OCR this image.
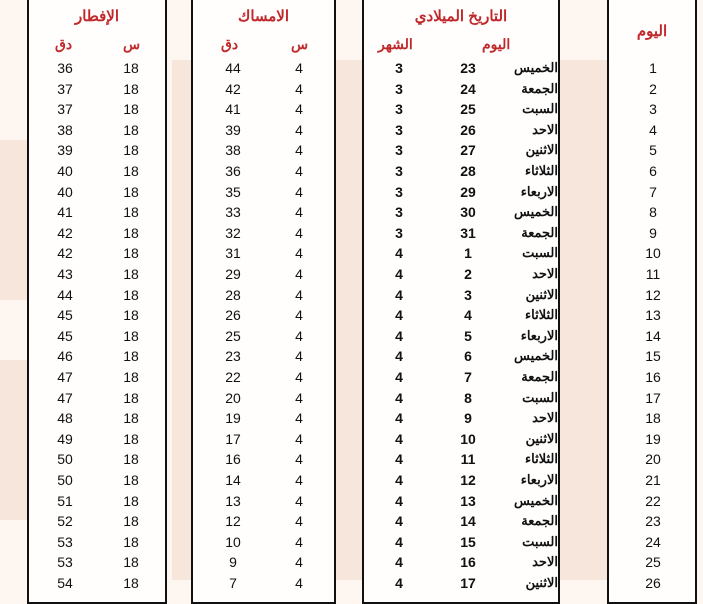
الإفطار
دق	س
36	18
37	18
37	18
38	18
39	18
40	18
40	18
41	18
42	18
42	18
43	18
44	18
45	18
45	18
46	18
47	18
47	18
48	18
49	18
50	18
50	18
51	18
52	18
53	18
53	18
54	18
الامساك
دق	س
44	4
42	4
41	4
39	4
38	4
36	4
35	4
33	4
32	4
31	4
29	4
28	4
26	4
25	4
23	4
22	4
20	4
19	4
17	4
16	4
14	4
13	4
12	4
10	4
9	4
7	4
التاريخ الميلادي
الشهر	اليوم
3	23	الخميس
3	24	الجمعة
3	25	السبت
3	26	الاحد
3	27	الاثنين
3	28	الثلاثاء
3	29	الاربعاء
3	30	الخميس
3	31	الجمعة
4	1	السبت
4	2	الاحد
4	3	الاثنين
4	4	الثلاثاء
4	5	الاربعاء
4	6	الخميس
4	7	الجمعة
4	8	السبت
4	9	الاحد
4	10	الاثنين
4	11	الثلاثاء
4	12	الاربعاء
4	13	الخميس
4	14	الجمعة
4	15	السبت
4	16	الاحد
4	17	الاثنين
اليوم
1
2
3
4
5
6
7
8
9
10
11
12
13
14
15
16
17
18
19
20
21
22
23
24
25
26
